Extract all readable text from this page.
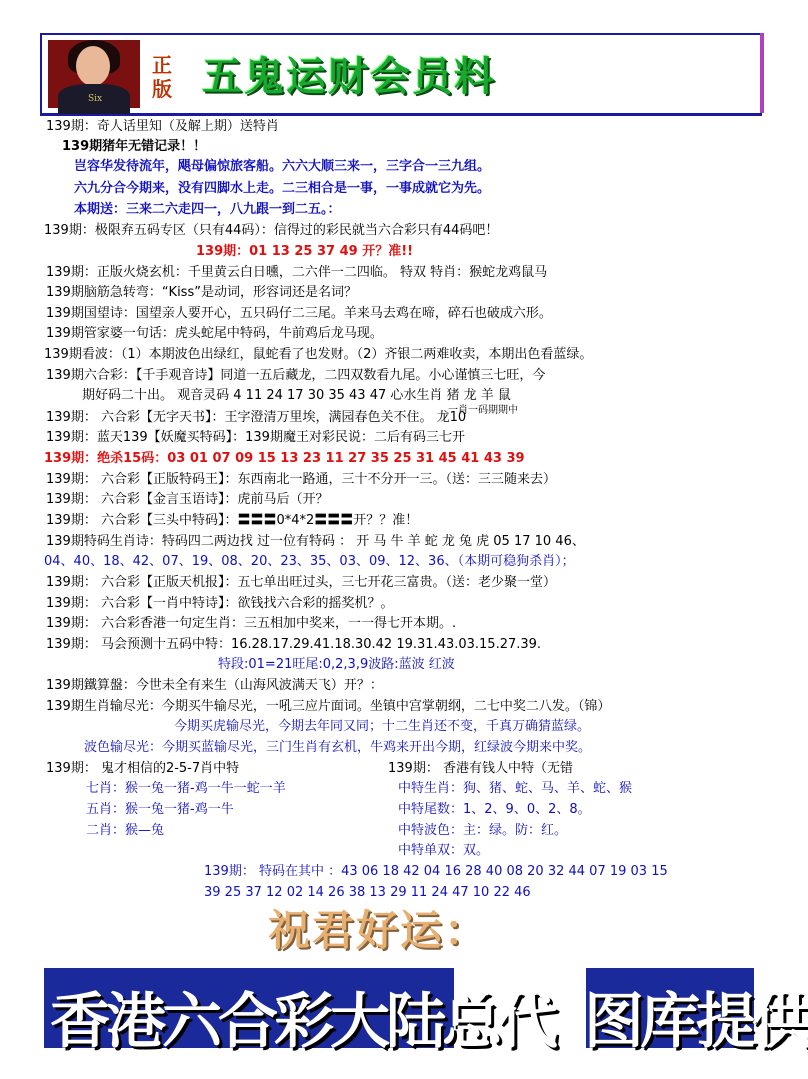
Six
正版 五鬼运财会员料
139期：奇人话里知（及解上期）送特肖
139期猪年无错记录！！
岂容华发待流年，飓母偏惊旅客船。六六大顺三来一，三字合一三九组。
六九分合今期来，没有四脚水上走。二三相合是一事，一事成就它为先。
本期送：三来二六走四一，八九跟一到二五。：
139期：极限弃五码专区（只有44码）：信得过的彩民就当六合彩只有44码吧！
139期：01 13 25 37 49 开？准!!
139期：正版火烧玄机：千里黄云白日曛，二六伴一二四临。 特双 特肖：猴蛇龙鸡鼠马
139期脑筋急转弯：“Kiss”是动词，形容词还是名词？
139期国望诗：国望亲人要开心，五只码仔二三尾。羊来马去鸡在啼，碎石也破成六形。
139期管家婆一句话：虎头蛇尾中特码，牛前鸡后龙马现。
139期看波：（1）本期波色出绿红，鼠蛇看了也发财。（2）齐银二两难收卖，本期出色看蓝绿。
139期六合彩：【千手观音诗】同道一五后藏龙，二四双数看九尾。小心谨慎三七旺，今
期好码二十出。 观音灵码 4 11 24 17 30 35 43 47 心水生肖 猪 龙 羊 鼠
一肖一码期期中
139期： 六合彩【无字天书】：王字澄清万里埃，满园春色关不住。 龙10
139期：蓝天139【妖魔买特码】：139期魔王对彩民说：二后有码三七开
139期：绝杀15码：03 01 07 09 15 13 23 11 27 35 25 31 45 41 43 39
139期： 六合彩【正版特码王】：东西南北一路通，三十不分开一三。（送：三三随来去）
139期： 六合彩【金言玉语诗】：虎前马后（开？
139期： 六合彩【三头中特码】：〓〓〓0*4*2〓〓〓开？？准！
139期特码生肖诗：特码四二两边找 过一位有特码 ： 开 马 牛 羊 蛇 龙 兔 虎 05 17 10 46、
04、40、18、42、07、19、08、20、23、35、03、09、12、36、（本期可稳狗杀肖）；
139期： 六合彩【正版天机报】：五七单出旺过头，三七开花三富贵。（送：老少聚一堂）
139期： 六合彩【一肖中特诗】：欲钱找六合彩的摇奖机？。
139期： 六合彩香港一句定生肖：三五相加中奖来，一一得七开本期。.
139期： 马会预测十五码中特：16.28.17.29.41.18.30.42 19.31.43.03.15.27.39.
特段:01=21旺尾:0,2,3,9波路:蓝波 红波
139期鐵算盤：今世未全有来生（山海风波满天飞）开？：
139期生肖输尽光：今期买牛输尽光，一吼三应片面词。坐镇中宫掌朝纲，二七中奖二八发。（锦）
今期买虎输尽光，今期去年同又同；十二生肖还不变，千真万确猜蓝绿。
波色输尽光：今期买蓝输尽光，三门生肖有玄机，牛鸡来开出今期，红绿波今期来中奖。
139期： 鬼才相信的2-5-7肖中特
七肖：猴一兔一猪-鸡一牛一蛇一羊
五肖：猴一兔一猪-鸡一牛
二肖：猴—兔
139期： 香港有钱人中特（无错
中特生肖：狗、猪、蛇、马、羊、蛇、猴
中特尾数：1、2、9、0、2、8。
中特波色：主：绿。防：红。
中特单双：双。
139期： 特码在其中 ：43 06 18 42 04 16 28 40 08 20 32 44 07 19 03 15
39 25 37 12 02 14 26 38 13 29 11 24 47 10 22 46
祝君好运：
香港六合彩大陆总代 图库提供
